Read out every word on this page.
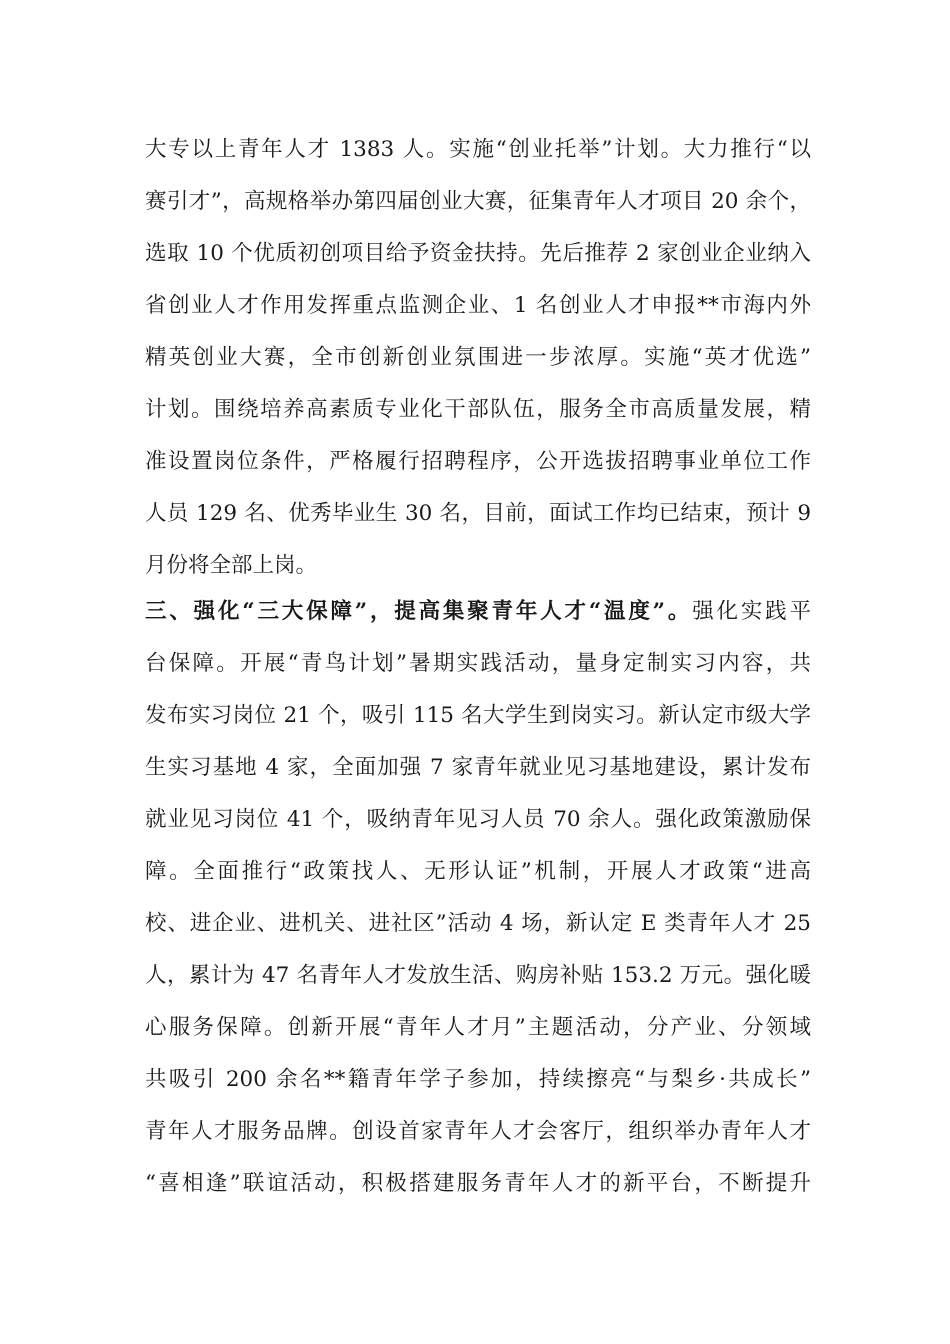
大专以上青年人才 1383 人。实施“创业托举”计划。大力推行“以
赛引才”，高规格举办第四届创业大赛，征集青年人才项目 20 余个，
选取 10 个优质初创项目给予资金扶持。先后推荐 2 家创业企业纳入
省创业人才作用发挥重点监测企业、1 名创业人才申报**市海内外
精英创业大赛，全市创新创业氛围进一步浓厚。实施“英才优选”
计划。围绕培养高素质专业化干部队伍，服务全市高质量发展，精
准设置岗位条件，严格履行招聘程序，公开选拔招聘事业单位工作
人员 129 名、优秀毕业生 30 名，目前，面试工作均已结束，预计 9
月份将全部上岗。
三、强化“三大保障”，提高集聚青年人才“温度”。强化实践平
台保障。开展“青鸟计划”暑期实践活动，量身定制实习内容，共
发布实习岗位 21 个，吸引 115 名大学生到岗实习。新认定市级大学
生实习基地 4 家，全面加强 7 家青年就业见习基地建设，累计发布
就业见习岗位 41 个，吸纳青年见习人员 70 余人。强化政策激励保
障。全面推行“政策找人、无形认证”机制，开展人才政策“进高
校、进企业、进机关、进社区”活动 4 场，新认定 E 类青年人才 25
人，累计为 47 名青年人才发放生活、购房补贴 153.2 万元。强化暖
心服务保障。创新开展“青年人才月”主题活动，分产业、分领域
共吸引 200 余名**籍青年学子参加，持续擦亮“与梨乡·共成长”
青年人才服务品牌。创设首家青年人才会客厅，组织举办青年人才
“喜相逢”联谊活动，积极搭建服务青年人才的新平台，不断提升
